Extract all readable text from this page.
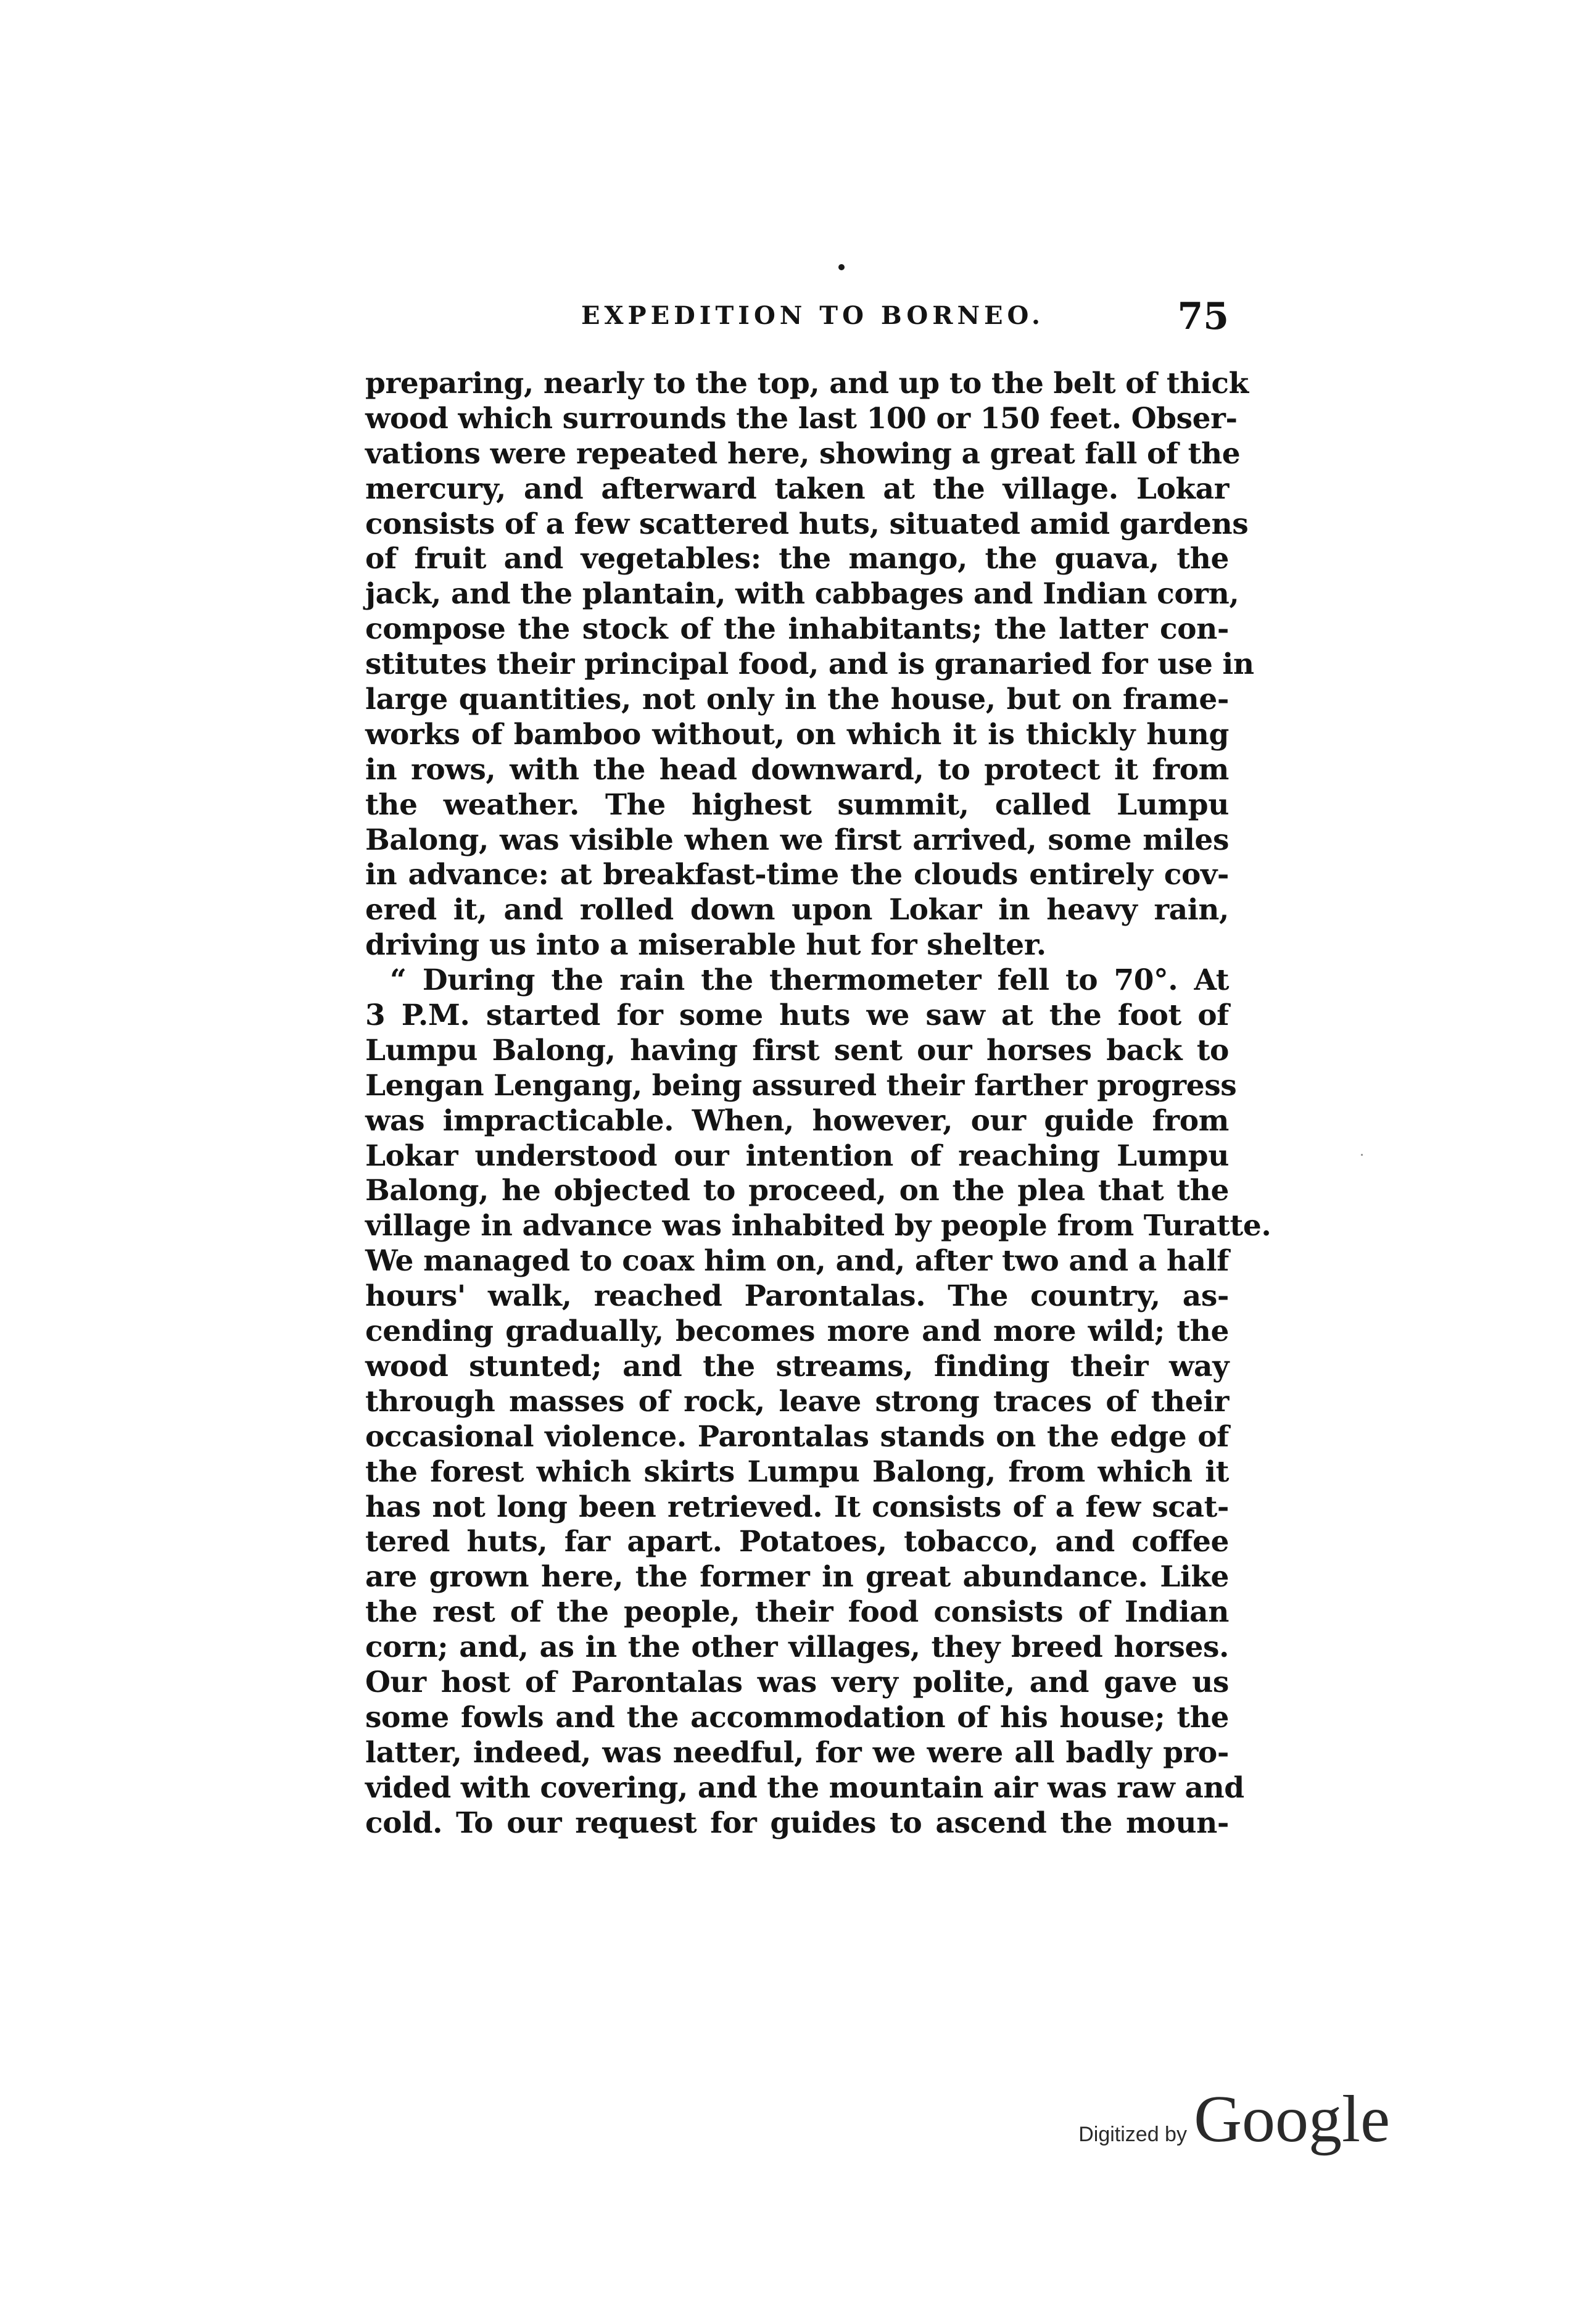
EXPEDITION TO BORNEO.	75
preparing, nearly to the top, and up to the belt of thick
wood which surrounds the last 100 or 150 feet. Obser-
vations were repeated here, showing a great fall of the
mercury, and afterward taken at the village. Lokar
consists of a few scattered huts, situated amid gardens
of fruit and vegetables: the mango, the guava, the
jack, and the plantain, with cabbages and Indian corn,
compose the stock of the inhabitants; the latter con-
stitutes their principal food, and is granaried for use in
large quantities, not only in the house, but on frame-
works of bamboo without, on which it is thickly hung
in rows, with the head downward, to protect it from
the weather. The highest summit, called Lumpu
Balong, was visible when we first arrived, some miles
in advance: at breakfast-time the clouds entirely cov-
ered it, and rolled down upon Lokar in heavy rain,
driving us into a miserable hut for shelter.
“ During the rain the thermometer fell to 70°. At
3 P.M. started for some huts we saw at the foot of
Lumpu Balong, having first sent our horses back to
Lengan Lengang, being assured their farther progress
was impracticable. When, however, our guide from
Lokar understood our intention of reaching Lumpu
Balong, he objected to proceed, on the plea that the
village in advance was inhabited by people from Turatte.
We managed to coax him on, and, after two and a half
hours' walk, reached Parontalas. The country, as-
cending gradually, becomes more and more wild; the
wood stunted; and the streams, finding their way
through masses of rock, leave strong traces of their
occasional violence. Parontalas stands on the edge of
the forest which skirts Lumpu Balong, from which it
has not long been retrieved. It consists of a few scat-
tered huts, far apart. Potatoes, tobacco, and coffee
are grown here, the former in great abundance. Like
the rest of the people, their food consists of Indian
corn; and, as in the other villages, they breed horses.
Our host of Parontalas was very polite, and gave us
some fowls and the accommodation of his house; the
latter, indeed, was needful, for we were all badly pro-
vided with covering, and the mountain air was raw and
cold. To our request for guides to ascend the moun-
Digitized by Google
